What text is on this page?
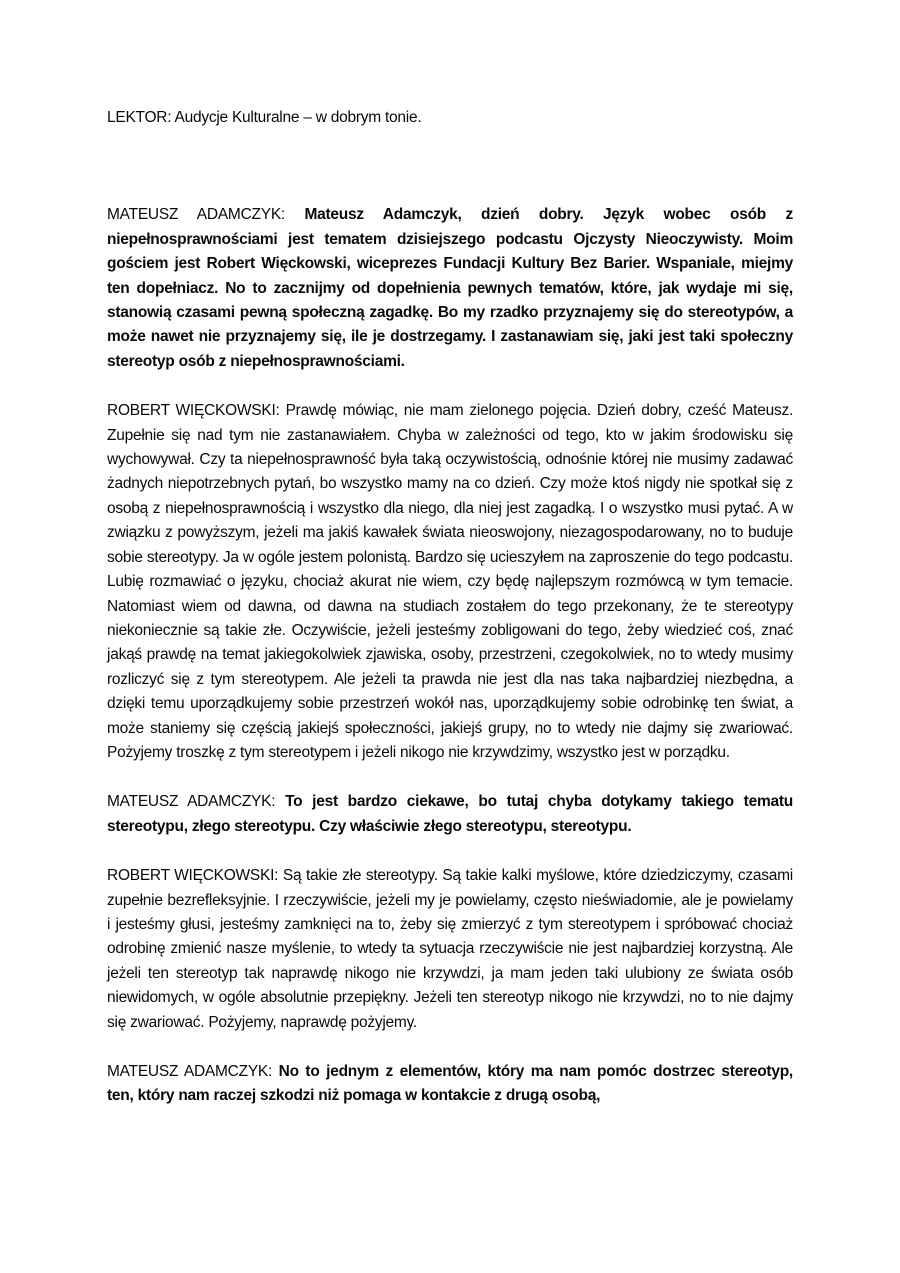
LEKTOR: Audycje Kulturalne – w dobrym tonie.

MATEUSZ ADAMCZYK: Mateusz Adamczyk, dzień dobry. Język wobec osób z niepełnosprawnościami jest tematem dzisiejszego podcastu Ojczysty Nieoczywisty. Moim gościem jest Robert Więckowski, wiceprezes Fundacji Kultury Bez Barier. Wspaniale, miejmy ten dopełniacz. No to zacznijmy od dopełnienia pewnych tematów, które, jak wydaje mi się, stanowią czasami pewną społeczną zagadkę. Bo my rzadko przyznajemy się do stereotypów, a może nawet nie przyznajemy się, ile je dostrzegamy. I zastanawiam się, jaki jest taki społeczny stereotyp osób z niepełnosprawnościami.

ROBERT WIĘCKOWSKI: Prawdę mówiąc, nie mam zielonego pojęcia. Dzień dobry, cześć Mateusz. Zupełnie się nad tym nie zastanawiałem. Chyba w zależności od tego, kto w jakim środowisku się wychowywał. Czy ta niepełnosprawność była taką oczywistością, odnośnie której nie musimy zadawać żadnych niepotrzebnych pytań, bo wszystko mamy na co dzień. Czy może ktoś nigdy nie spotkał się z osobą z niepełnosprawnością i wszystko dla niego, dla niej jest zagadką. I o wszystko musi pytać. A w związku z powyższym, jeżeli ma jakiś kawałek świata nieoswojony, niezagospodarowany, no to buduje sobie stereotypy. Ja w ogóle jestem polonistą. Bardzo się ucieszyłem na zaproszenie do tego podcastu. Lubię rozmawiać o języku, chociaż akurat nie wiem, czy będę najlepszym rozmówcą w tym temacie. Natomiast wiem od dawna, od dawna na studiach zostałem do tego przekonany, że te stereotypy niekoniecznie są takie złe. Oczywiście, jeżeli jesteśmy zobligowani do tego, żeby wiedzieć coś, znać jakąś prawdę na temat jakiegokolwiek zjawiska, osoby, przestrzeni, czegokolwiek, no to wtedy musimy rozliczyć się z tym stereotypem. Ale jeżeli ta prawda nie jest dla nas taka najbardziej niezbędna, a dzięki temu uporządkujemy sobie przestrzeń wokół nas, uporządkujemy sobie odrobinkę ten świat, a może staniemy się częścią jakiejś społeczności, jakiejś grupy, no to wtedy nie dajmy się zwariować. Pożyjemy troszkę z tym stereotypem i jeżeli nikogo nie krzywdzimy, wszystko jest w porządku.

MATEUSZ ADAMCZYK: To jest bardzo ciekawe, bo tutaj chyba dotykamy takiego tematu stereotypu, złego stereotypu. Czy właściwie złego stereotypu, stereotypu.

ROBERT WIĘCKOWSKI: Są takie złe stereotypy. Są takie kalki myślowe, które dziedziczymy, czasami zupełnie bezrefleksyjnie. I rzeczywiście, jeżeli my je powielamy, często nieświadomie, ale je powielamy i jesteśmy głusi, jesteśmy zamknięci na to, żeby się zmierzyć z tym stereotypem i spróbować chociaż odrobinę zmienić nasze myślenie, to wtedy ta sytuacja rzeczywiście nie jest najbardziej korzystną. Ale jeżeli ten stereotyp tak naprawdę nikogo nie krzywdzi, ja mam jeden taki ulubiony ze świata osób niewidomych, w ogóle absolutnie przepiękny. Jeżeli ten stereotyp nikogo nie krzywdzi, no to nie dajmy się zwariować. Pożyjemy, naprawdę pożyjemy.

MATEUSZ ADAMCZYK: No to jednym z elementów, który ma nam pomóc dostrzec stereotyp, ten, który nam raczej szkodzi niż pomaga w kontakcie z drugą osobą,
